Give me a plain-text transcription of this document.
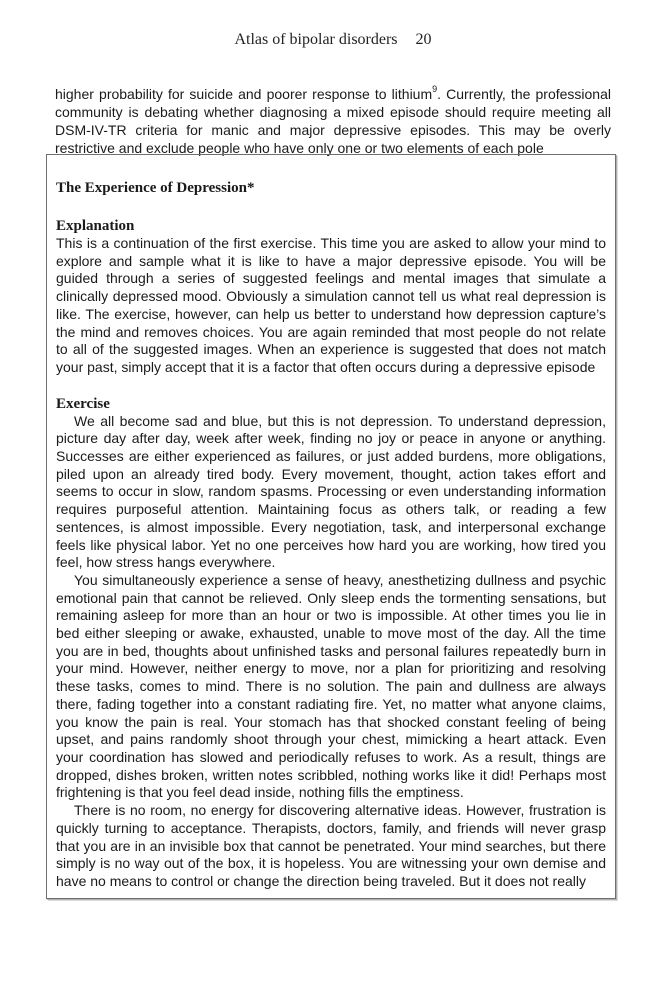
Atlas of bipolar disorders 20

higher probability for suicide and poorer response to lithium$^9$. Currently, the professional community is debating whether diagnosing a mixed episode should require meeting all DSM-IV-TR criteria for manic and major depressive episodes. This may be overly restrictive and exclude people who have only one or two elements of each pole

The Experience of Depression*
Explanation

This is a continuation of the first exercise. This time you are asked to allow your mind to explore and sample what it is like to have a major depressive episode. You will be guided through a series of suggested feelings and mental images that simulate a clinically depressed mood. Obviously a simulation cannot tell us what real depression is like. The exercise, however, can help us better to understand how depression capture’s the mind and removes choices. You are again reminded that most people do not relate to all of the suggested images. When an experience is suggested that does not match your past, simply accept that it is a factor that often occurs during a depressive episode

Exercise

We all become sad and blue, but this is not depression. To understand depression, picture day after day, week after week, finding no joy or peace in anyone or anything. Successes are either experienced as failures, or just added burdens, more obligations, piled upon an already tired body. Every movement, thought, action takes effort and seems to occur in slow, random spasms. Processing or even understanding information requires purposeful attention. Maintaining focus as others talk, or reading a few sentences, is almost impossible. Every negotiation, task, and interpersonal exchange feels like physical labor. Yet no one perceives how hard you are working, how tired you feel, how stress hangs everywhere.

You simultaneously experience a sense of heavy, anesthetizing dullness and psychic emotional pain that cannot be relieved. Only sleep ends the tormenting sensations, but remaining asleep for more than an hour or two is impossible. At other times you lie in bed either sleeping or awake, exhausted, unable to move most of the day. All the time you are in bed, thoughts about unfinished tasks and personal failures repeatedly burn in your mind. However, neither energy to move, nor a plan for prioritizing and resolving these tasks, comes to mind. There is no solution. The pain and dullness are always there, fading together into a constant radiating fire. Yet, no matter what anyone claims, you know the pain is real. Your stomach has that shocked constant feeling of being upset, and pains randomly shoot through your chest, mimicking a heart attack. Even your coordination has slowed and periodically refuses to work. As a result, things are dropped, dishes broken, written notes scribbled, nothing works like it did! Perhaps most frightening is that you feel dead inside, nothing fills the emptiness.

There is no room, no energy for discovering alternative ideas. However, frustration is quickly turning to acceptance. Therapists, doctors, family, and friends will never grasp that you are in an invisible box that cannot be penetrated. Your mind searches, but there simply is no way out of the box, it is hopeless. You are witnessing your own demise and have no means to control or change the direction being traveled. But it does not really
